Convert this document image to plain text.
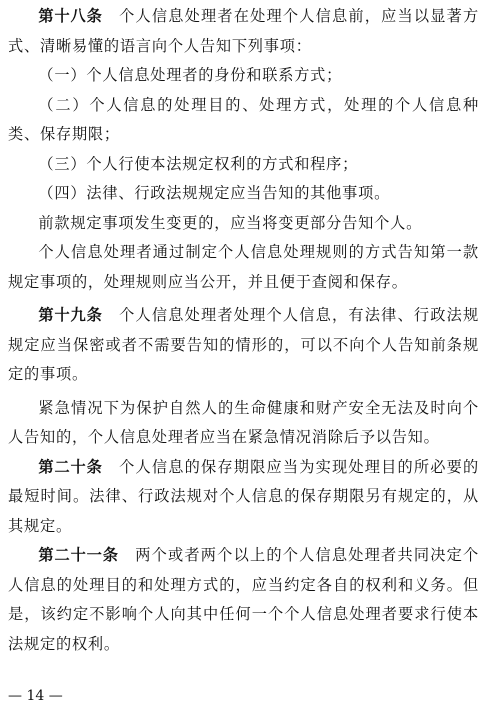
第十八条　 个人信息处理者在处理个人信息前，应当以显著方式、清晰易懂的语言向个人告知下列事项：

（一）个人信息处理者的身份和联系方式；

（二）个人信息的处理目的、处理方式，处理的个人信息种类、保存期限；

（三）个人行使本法规定权利的方式和程序；

（四）法律、行政法规规定应当告知的其他事项。

前款规定事项发生变更的，应当将变更部分告知个人。

个人信息处理者通过制定个人信息处理规则的方式告知第一款规定事项的，处理规则应当公开，并且便于查阅和保存。

第十九条　 个人信息处理者处理个人信息，有法律、行政法规规定应当保密或者不需要告知的情形的，可以不向个人告知前条规定的事项。

紧急情况下为保护自然人的生命健康和财产安全无法及时向个人告知的，个人信息处理者应当在紧急情况消除后予以告知。

第二十条　 个人信息的保存期限应当为实现处理目的所必要的最短时间。法律、行政法规对个人信息的保存期限另有规定的，从其规定。

第二十一条　 两个或者两个以上的个人信息处理者共同决定个人信息的处理目的和处理方式的，应当约定各自的权利和义务。但是，该约定不影响个人向其中任何一个个人信息处理者要求行使本法规定的权利。

— 14 —
